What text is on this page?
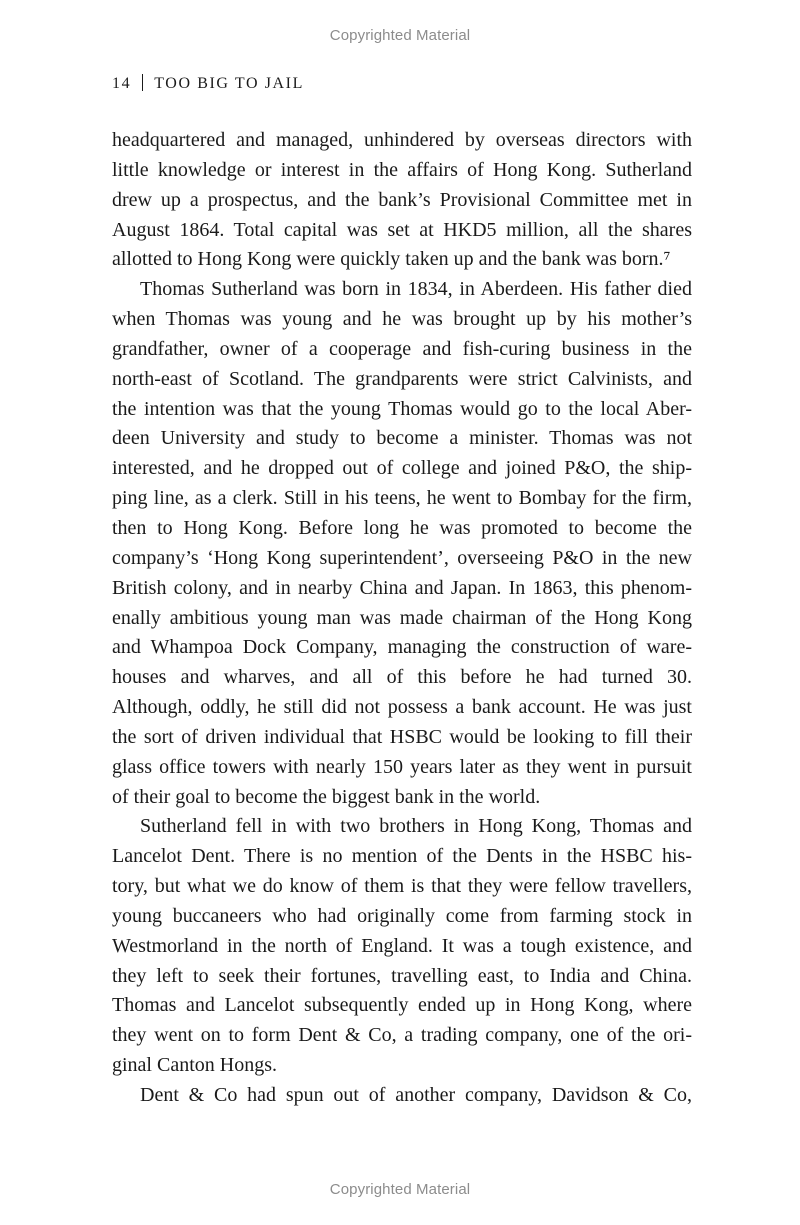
Copyrighted Material
14 TOO BIG TO JAIL
headquartered and managed, unhindered by overseas directors with
little knowledge or interest in the affairs of Hong Kong. Sutherland
drew up a prospectus, and the bank’s Provisional Committee met in
August 1864. Total capital was set at HKD5 million, all the shares
allotted to Hong Kong were quickly taken up and the bank was born.⁷
Thomas Sutherland was born in 1834, in Aberdeen. His father died
when Thomas was young and he was brought up by his mother’s
grandfather, owner of a cooperage and fish-curing business in the
north-east of Scotland. The grandparents were strict Calvinists, and
the intention was that the young Thomas would go to the local Aber-
deen University and study to become a minister. Thomas was not
interested, and he dropped out of college and joined P&O, the ship-
ping line, as a clerk. Still in his teens, he went to Bombay for the firm,
then to Hong Kong. Before long he was promoted to become the
company’s ‘Hong Kong superintendent’, overseeing P&O in the new
British colony, and in nearby China and Japan. In 1863, this phenom-
enally ambitious young man was made chairman of the Hong Kong
and Whampoa Dock Company, managing the construction of ware-
houses and wharves, and all of this before he had turned 30.
Although, oddly, he still did not possess a bank account. He was just
the sort of driven individual that HSBC would be looking to fill their
glass office towers with nearly 150 years later as they went in pursuit
of their goal to become the biggest bank in the world.
Sutherland fell in with two brothers in Hong Kong, Thomas and
Lancelot Dent. There is no mention of the Dents in the HSBC his-
tory, but what we do know of them is that they were fellow travellers,
young buccaneers who had originally come from farming stock in
Westmorland in the north of England. It was a tough existence, and
they left to seek their fortunes, travelling east, to India and China.
Thomas and Lancelot subsequently ended up in Hong Kong, where
they went on to form Dent & Co, a trading company, one of the ori-
ginal Canton Hongs.
Dent & Co had spun out of another company, Davidson & Co,
Copyrighted Material
